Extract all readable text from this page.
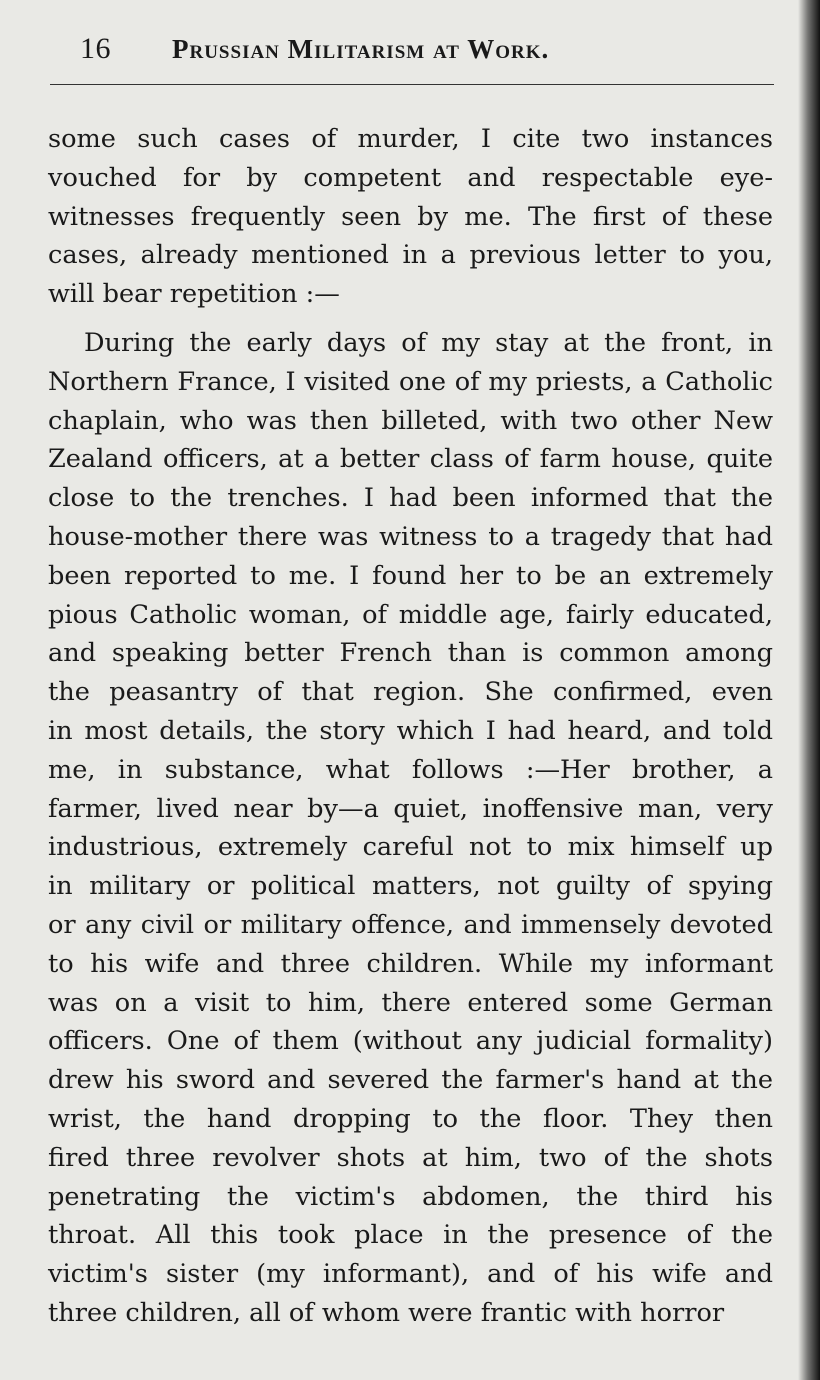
16 Prussian Militarism at Work.
some such cases of murder, I cite two instances
vouched for by competent and respectable eye-
witnesses frequently seen by me. The first of these
cases, already mentioned in a previous letter to you,
will bear repetition :—
During the early days of my stay at the front, in
Northern France, I visited one of my priests, a Catholic
chaplain, who was then billeted, with two other New
Zealand officers, at a better class of farm house, quite
close to the trenches. I had been informed that the
house-mother there was witness to a tragedy that had
been reported to me. I found her to be an extremely
pious Catholic woman, of middle age, fairly educated,
and speaking better French than is common among
the peasantry of that region. She confirmed, even
in most details, the story which I had heard, and told
me, in substance, what follows :—Her brother, a
farmer, lived near by—a quiet, inoffensive man, very
industrious, extremely careful not to mix himself up
in military or political matters, not guilty of spying
or any civil or military offence, and immensely devoted
to his wife and three children. While my informant
was on a visit to him, there entered some German
officers. One of them (without any judicial formality)
drew his sword and severed the farmer's hand at the
wrist, the hand dropping to the floor. They then
fired three revolver shots at him, two of the shots
penetrating the victim's abdomen, the third his
throat. All this took place in the presence of the
victim's sister (my informant), and of his wife and
three children, all of whom were frantic with horror
